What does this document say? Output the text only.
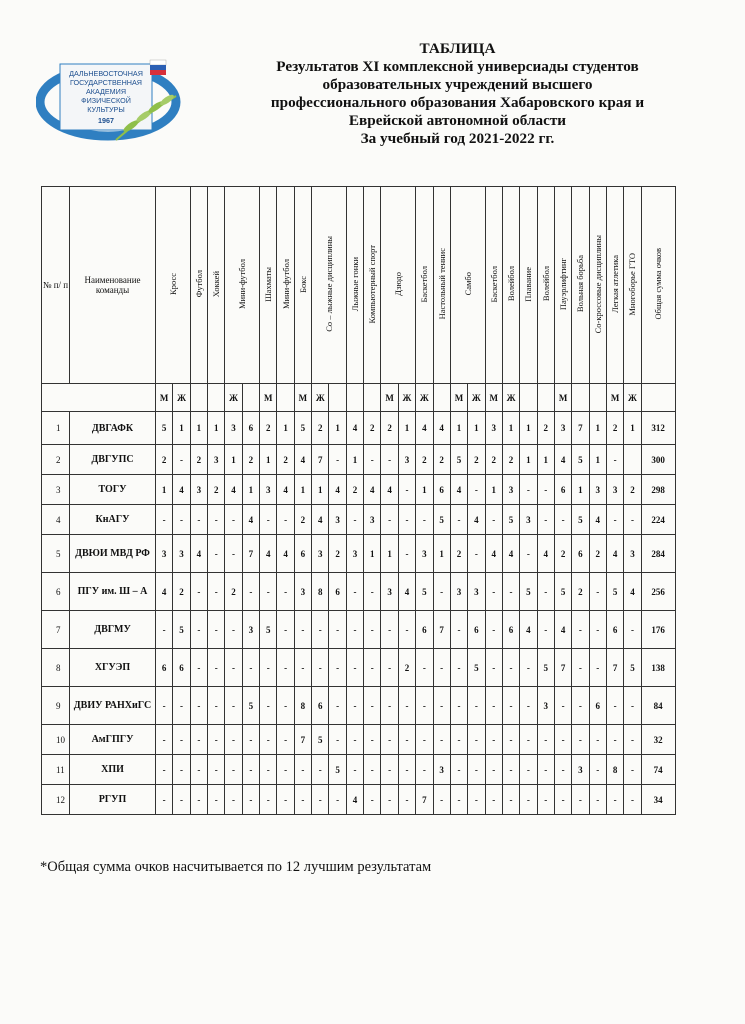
ДАЛЬНЕВОСТОЧНАЯ
ГОСУДАРСТВЕННАЯ
АКАДЕМИЯ
ФИЗИЧЕСКОЙ
КУЛЬТУРЫ
1967
ТАБЛИЦА
Результатов XI комплексной универсиады студентов
образовательных учреждений высшего
профессионального образования Хабаровского края и
Еврейской автономной области
За учебный год 2021-2022 гг.
№ п/ п	Наименование команды	Кросс		Футбол	Хоккей	Мини-футбол		Шахматы	Мини-футбол	Бокс	Со – лыжные дисциплины		Лыжные гонки	Компьютерный спорт	Дзюдо		Баскетбол	Настольный теннис	Самбо		Баскетбол	Волейбол	Плавание	Волейбол	Пауэрлифтинг	Вольная борьба	Со-кроссовые дисциплины	Легкая атлетика	Многоборье ГТО	Общая сумма очков
		М	Ж			Ж		М		М	Ж				М	Ж	Ж		М	Ж	М	Ж			М			М	Ж	
1	ДВГАФК	5	1	1	1	3	6	2	1	5	2	1	4	2	2	1	4	4	1	1	3	1	1	2	3	7	1	2	1	312
2	ДВГУПС	2	-	2	3	1	2	1	2	4	7	-	1	-	-	3	2	2	5	2	2	2	1	1	4	5	1	-		300
3	ТОГУ	1	4	3	2	4	1	3	4	1	1	4	2	4	4	-	1	6	4	-	1	3	-	-	6	1	3	3	2	298
4	КнАГУ	-	-	-	-	-	4	-	-	2	4	3	-	3	-	-	-	5	-	4	-	5	3	-	-	5	4	-	-	224
5	ДВЮИ МВД РФ	3	3	4	-	-	7	4	4	6	3	2	3	1	1	-	3	1	2	-	4	4	-	4	2	6	2	4	3	284
6	ПГУ им. Ш – А	4	2	-	-	2	-	-	-	3	8	6	-	-	3	4	5	-	3	3	-	-	5	-	5	2	-	5	4	256
7	ДВГМУ	-	5	-	-	-	3	5	-	-	-	-	-	-	-	-	6	7	-	6	-	6	4	-	4	-	-	6	-	176
8	ХГУЭП	6	6	-	-	-	-	-	-	-	-	-	-	-	-	2	-	-	-	5	-	-	-	5	7	-	-	7	5	138
9	ДВИУ РАНХиГС	-	-	-	-	-	5	-	-	8	6	-	-	-	-	-	-	-	-	-	-	-	-	3	-	-	6	-	-	84
10	АмГПГУ	-	-	-	-	-	-	-	-	7	5	-	-	-	-	-	-	-	-	-	-	-	-	-	-	-	-	-	-	32
11	ХПИ	-	-	-	-	-	-	-	-	-	-	5	-	-	-	-	-	3	-	-	-	-	-	-	-	3	-	8	-	74
12	РГУП	-	-	-	-	-	-	-	-	-	-	-	4	-	-	-	7	-	-	-	-	-	-	-	-	-	-	-	-	34
*Общая сумма очков насчитывается по 12 лучшим результатам
